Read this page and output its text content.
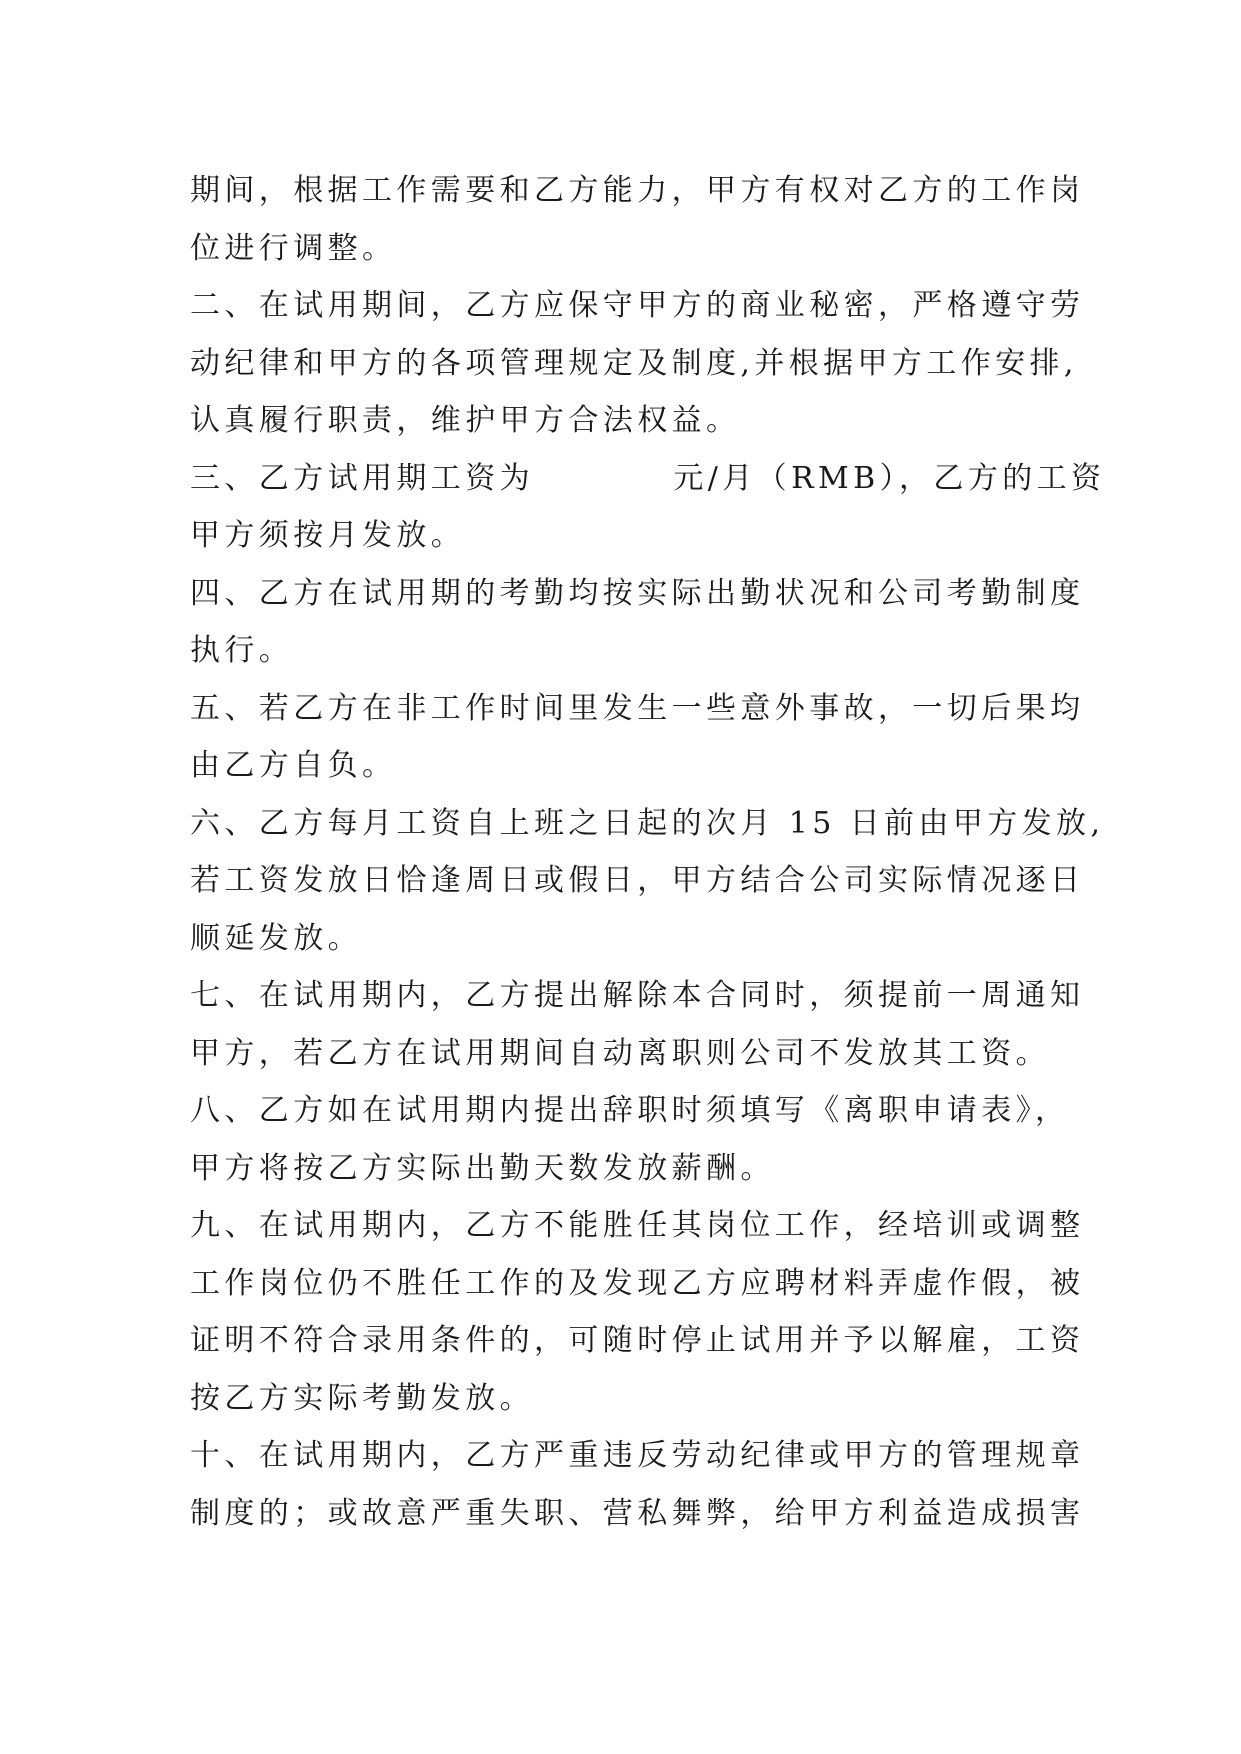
期间，根据工作需要和乙方能力，甲方有权对乙方的工作岗
位进行调整。
二、在试用期间，乙方应保守甲方的商业秘密，严格遵守劳
动纪律和甲方的各项管理规定及制度,并根据甲方工作安排,
认真履行职责，维护甲方合法权益。
三、乙方试用期工资为          元/月（RMB），乙方的工资
甲方须按月发放。
四、乙方在试用期的考勤均按实际出勤状况和公司考勤制度
执行。
五、若乙方在非工作时间里发生一些意外事故，一切后果均
由乙方自负。
六、乙方每月工资自上班之日起的次月 15 日前由甲方发放,
若工资发放日恰逢周日或假日，甲方结合公司实际情况逐日
顺延发放。
七、在试用期内，乙方提出解除本合同时，须提前一周通知
甲方，若乙方在试用期间自动离职则公司不发放其工资。
八、乙方如在试用期内提出辞职时须填写《离职申请表》，
甲方将按乙方实际出勤天数发放薪酬。
九、在试用期内，乙方不能胜任其岗位工作，经培训或调整
工作岗位仍不胜任工作的及发现乙方应聘材料弄虚作假，被
证明不符合录用条件的，可随时停止试用并予以解雇，工资
按乙方实际考勤发放。
十、在试用期内，乙方严重违反劳动纪律或甲方的管理规章
制度的；或故意严重失职、营私舞弊，给甲方利益造成损害
